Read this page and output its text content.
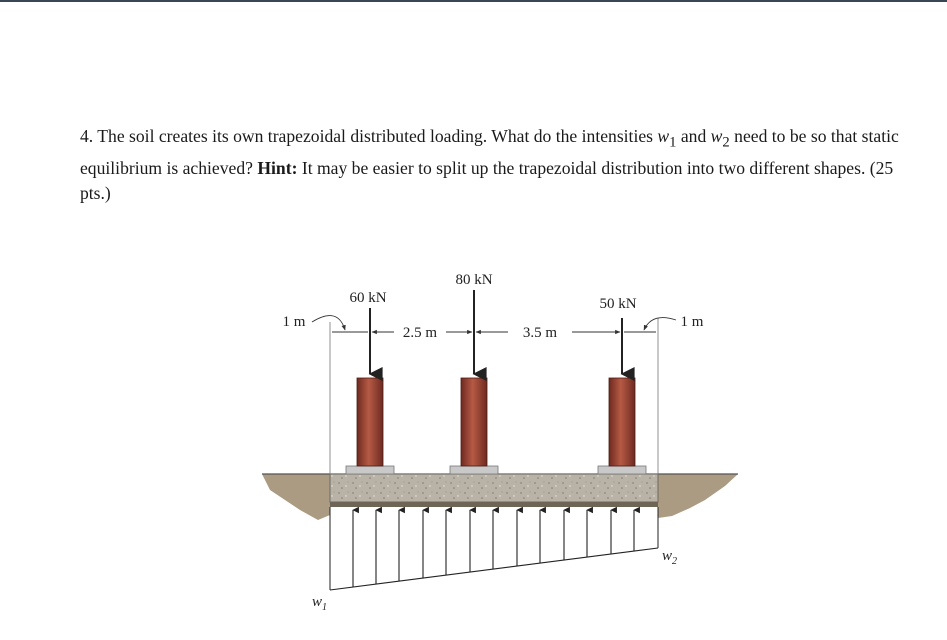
4. The soil creates its own trapezoidal distributed loading. What do the intensities $w_1$ and $w_2$ need to be so that static equilibrium is achieved? Hint: It may be easier to split up the trapezoidal distribution into two different shapes. (25 pts.)
60 kN
80 kN
50 kN
1 m
2.5 m	3.5 m
1 m
$w_1$
$w_2$
